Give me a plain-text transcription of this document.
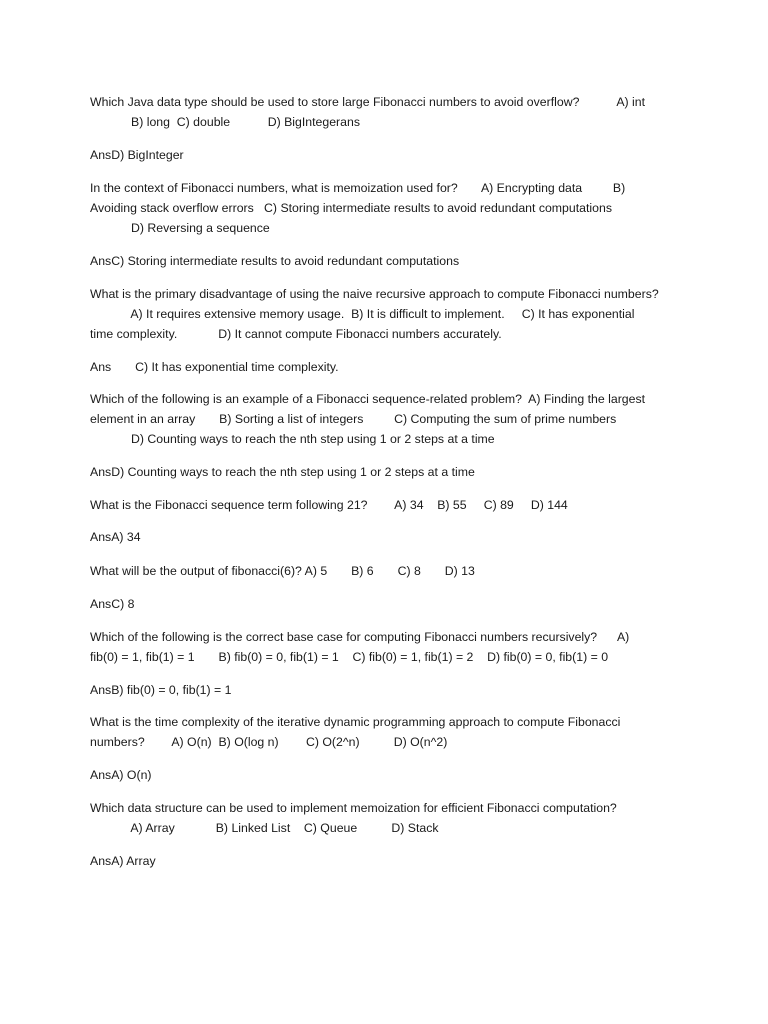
Which Java data type should be used to store large Fibonacci numbers to avoid overflow?           A) int
B) long  C) double           D) BigIntegerans
AnsD) BigInteger
In the context of Fibonacci numbers, what is memoization used for?       A) Encrypting data         B)
Avoiding stack overflow errors   C) Storing intermediate results to avoid redundant computations
D) Reversing a sequence
AnsC) Storing intermediate results to avoid redundant computations
What is the primary disadvantage of using the naive recursive approach to compute Fibonacci numbers?
A) It requires extensive memory usage.  B) It is difficult to implement.     C) It has exponential
time complexity.            D) It cannot compute Fibonacci numbers accurately.
Ans       C) It has exponential time complexity.
Which of the following is an example of a Fibonacci sequence-related problem?  A) Finding the largest
element in an array       B) Sorting a list of integers         C) Computing the sum of prime numbers
D) Counting ways to reach the nth step using 1 or 2 steps at a time
AnsD) Counting ways to reach the nth step using 1 or 2 steps at a time
What is the Fibonacci sequence term following 21?        A) 34    B) 55     C) 89     D) 144
AnsA) 34
What will be the output of fibonacci(6)? A) 5       B) 6       C) 8       D) 13
AnsC) 8
Which of the following is the correct base case for computing Fibonacci numbers recursively?      A)
fib(0) = 1, fib(1) = 1       B) fib(0) = 0, fib(1) = 1    C) fib(0) = 1, fib(1) = 2    D) fib(0) = 0, fib(1) = 0
AnsB) fib(0) = 0, fib(1) = 1
What is the time complexity of the iterative dynamic programming approach to compute Fibonacci
numbers?        A) O(n)  B) O(log n)        C) O(2^n)          D) O(n^2)
AnsA) O(n)
Which data structure can be used to implement memoization for efficient Fibonacci computation?
A) Array            B) Linked List    C) Queue          D) Stack
AnsA) Array
